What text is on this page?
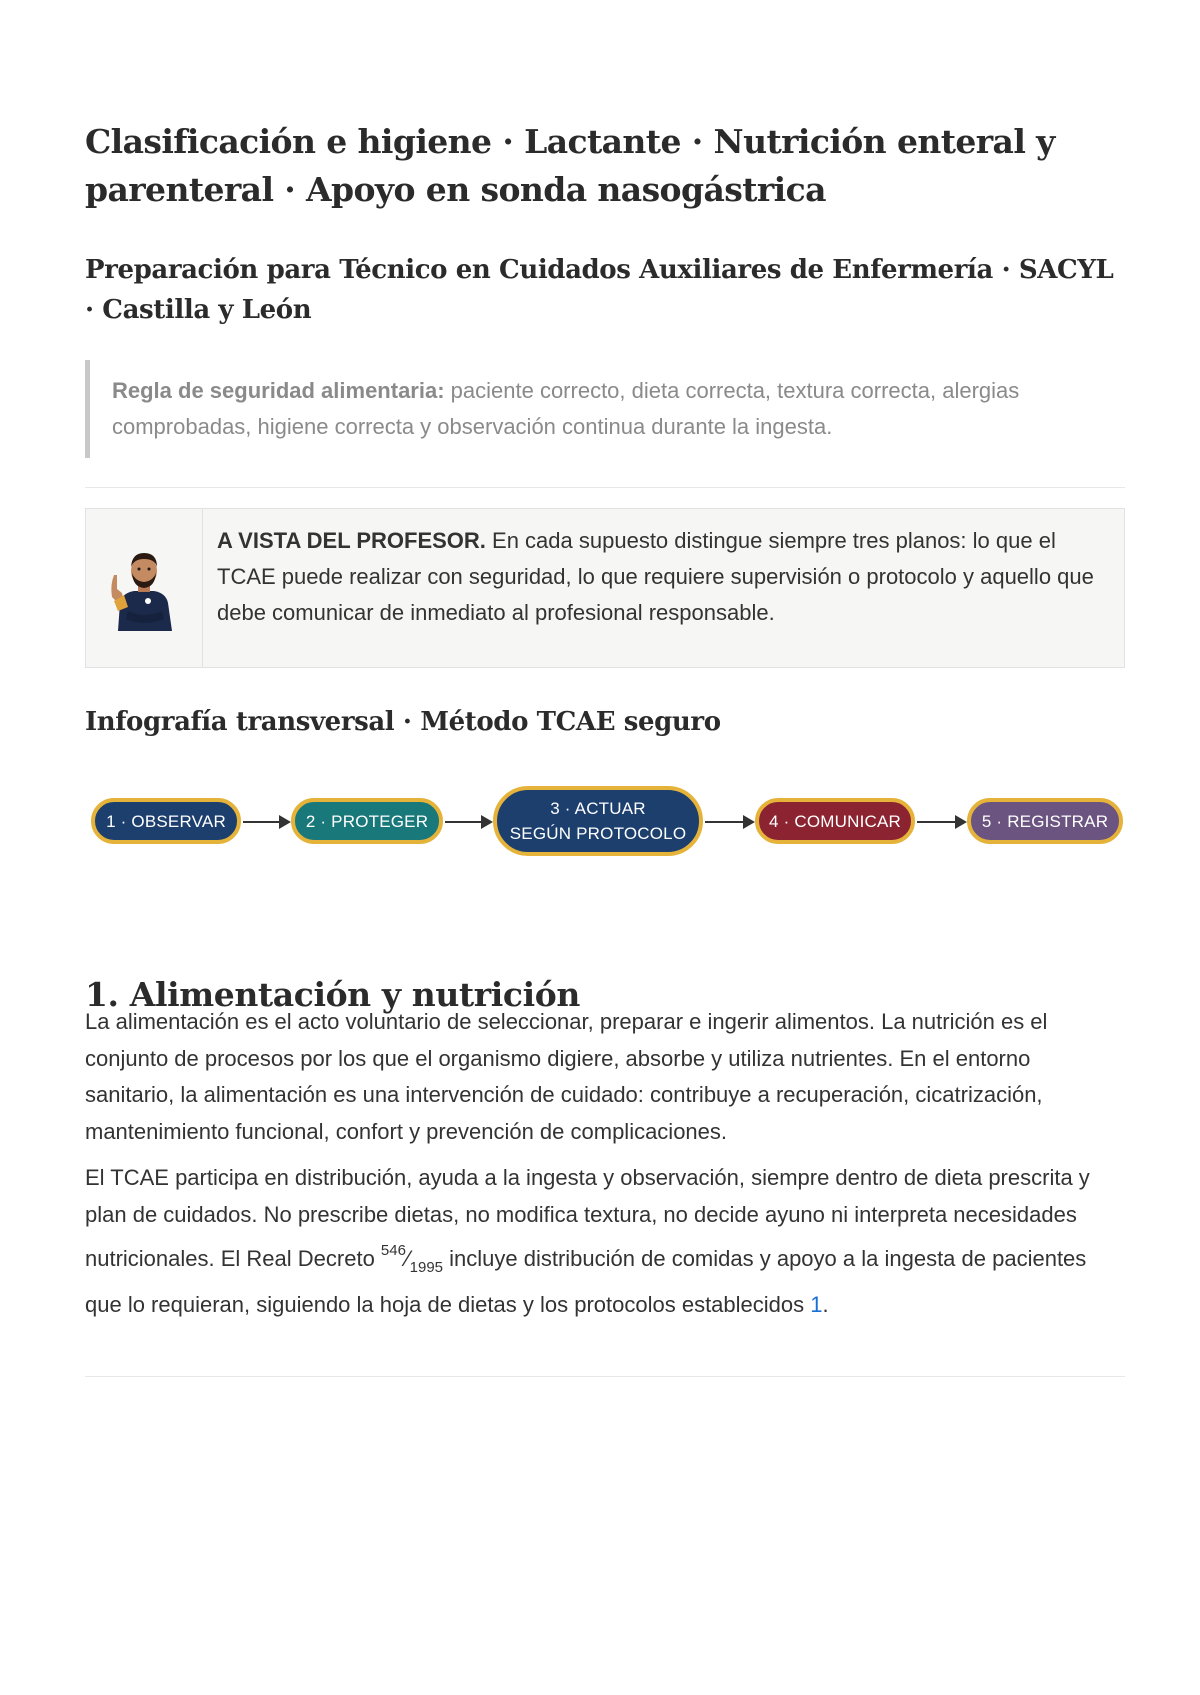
Clasificación e higiene · Lactante · Nutrición enteral y parenteral · Apoyo en sonda nasogástrica
Preparación para Técnico en Cuidados Auxiliares de Enfermería · SACYL · Castilla y León
Regla de seguridad alimentaria: paciente correcto, dieta correcta, textura correcta, alergias comprobadas, higiene correcta y observación continua durante la ingesta.
A VISTA DEL PROFESOR. En cada supuesto distingue siempre tres planos: lo que el TCAE puede realizar con seguridad, lo que requiere supervisión o protocolo y aquello que debe comunicar de inmediato al profesional responsable.
Infografía transversal · Método TCAE seguro
1 · OBSERVAR	2 · PROTEGER
3 · ACTUAR
SEGÚN PROTOCOLO
4 · COMUNICAR	5 · REGISTRAR
1. Alimentación y nutrición

La alimentación es el acto voluntario de seleccionar, preparar e ingerir alimentos. La nutrición es el conjunto de procesos por los que el organismo digiere, absorbe y utiliza nutrientes. En el entorno sanitario, la alimentación es una intervención de cuidado: contribuye a recuperación, cicatrización, mantenimiento funcional, confort y prevención de complicaciones.

El TCAE participa en distribución, ayuda a la ingesta y observación, siempre dentro de dieta prescrita y plan de cuidados. No prescribe dietas, no modifica textura, no decide ayuno ni interpreta necesidades nutricionales. El Real Decreto $^{546}⁄_{1995}$ incluye distribución de comidas y apoyo a la ingesta de pacientes que lo requieran, siguiendo la hoja de dietas y los protocolos establecidos 1.
